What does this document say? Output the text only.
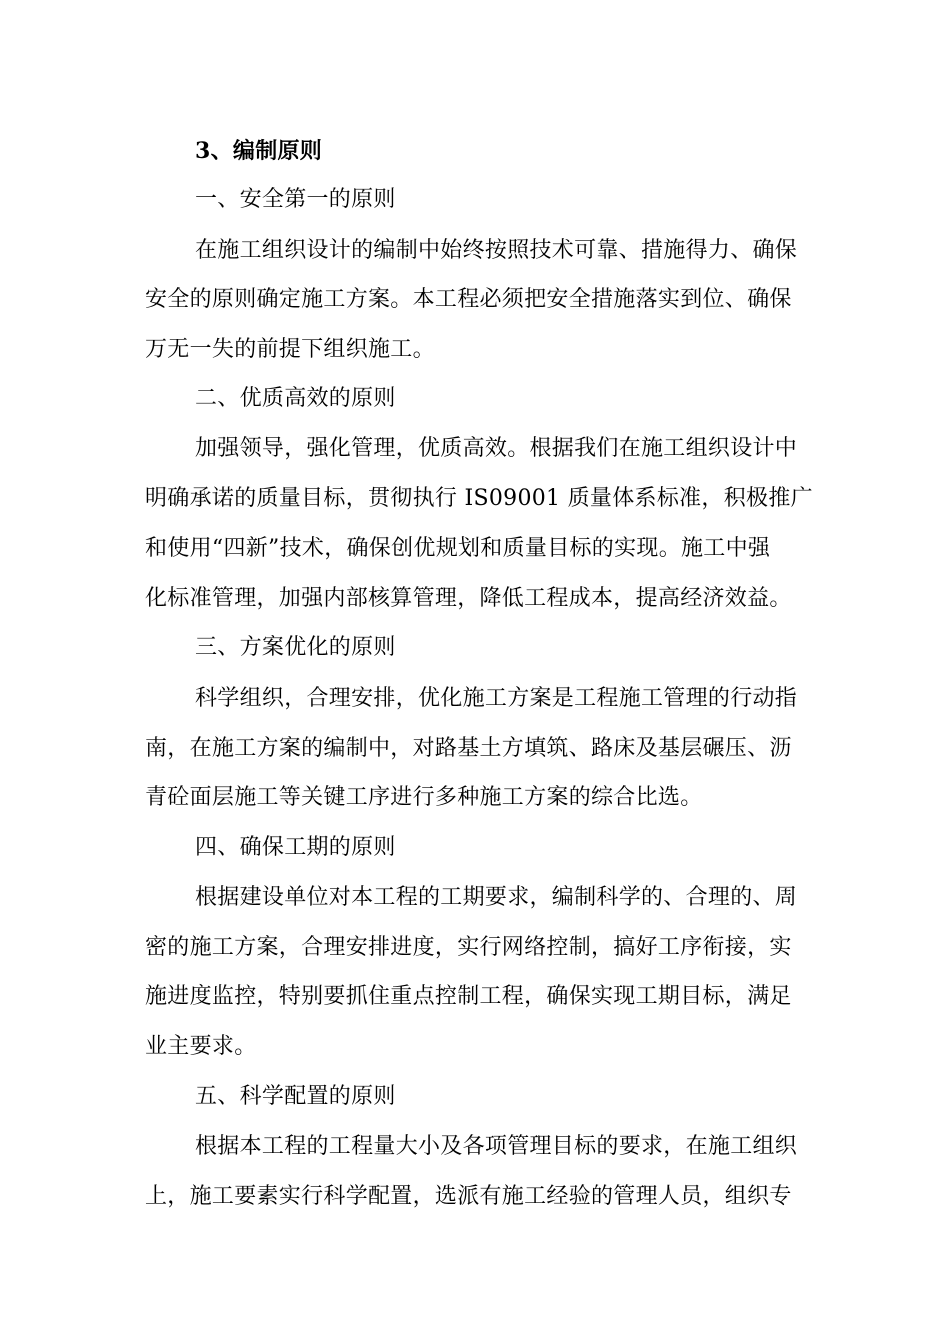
3、编制原则
一、安全第一的原则
在施工组织设计的编制中始终按照技术可靠、措施得力、确保
安全的原则确定施工方案。本工程必须把安全措施落实到位、确保
万无一失的前提下组织施工。
二、优质高效的原则
加强领导，强化管理，优质高效。根据我们在施工组织设计中
明确承诺的质量目标，贯彻执行 IS09001 质量体系标准，积极推广
和使用“四新”技术，确保创优规划和质量目标的实现。施工中强
化标准管理，加强内部核算管理，降低工程成本，提高经济效益。
三、方案优化的原则
科学组织，合理安排，优化施工方案是工程施工管理的行动指
南，在施工方案的编制中，对路基土方填筑、路床及基层碾压、沥
青砼面层施工等关键工序进行多种施工方案的综合比选。
四、确保工期的原则
根据建设单位对本工程的工期要求，编制科学的、合理的、周
密的施工方案，合理安排进度，实行网络控制，搞好工序衔接，实
施进度监控，特别要抓住重点控制工程，确保实现工期目标，满足
业主要求。
五、科学配置的原则
根据本工程的工程量大小及各项管理目标的要求，在施工组织
上，施工要素实行科学配置，选派有施工经验的管理人员，组织专
